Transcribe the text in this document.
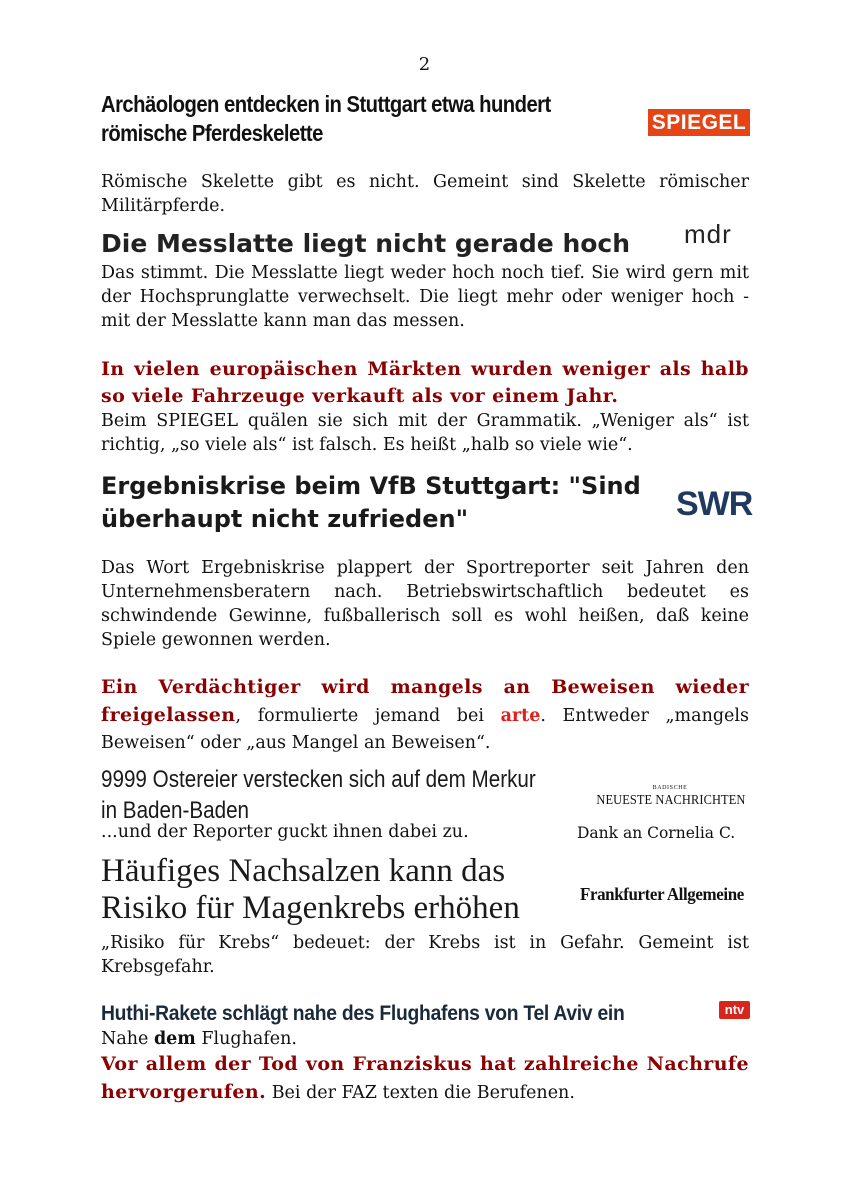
2
Archäologen entdecken in Stuttgart etwa hundert
römische Pferdeskelette	SPIEGEL
Römische Skelette gibt es nicht. Gemeint sind Skelette römischer Militärpferde.
Die Messlatte liegt nicht gerade hoch mdr
Das stimmt. Die Messlatte liegt weder hoch noch tief. Sie wird gern mit der Hochsprunglatte verwechselt. Die liegt mehr oder weniger hoch - mit der Messlatte kann man das messen.
In vielen europäischen Märkten wurden weniger als halb so viele Fahrzeuge verkauft als vor einem Jahr.
Beim SPIEGEL quälen sie sich mit der Grammatik. „Weniger als“ ist richtig, „so viele als“ ist falsch. Es heißt „halb so viele wie“.
Ergebniskrise beim VfB Stuttgart: "Sind
überhaupt nicht zufrieden"	SWR
Das Wort Ergebniskrise plappert der Sportreporter seit Jahren den Unternehmensberatern nach. Betriebswirtschaftlich bedeutet es schwindende Gewinne, fußballerisch soll es wohl heißen, daß keine Spiele gewonnen werden.
Ein Verdächtiger wird mangels an Beweisen wieder freigelassen, formulierte jemand bei arte. Entweder „mangels Beweisen“ oder „aus Mangel an Beweisen“.
9999 Ostereier verstecken sich auf dem Merkur
in Baden-Baden
BADISCHE
NEUESTE NACHRICHTEN
...und der Reporter guckt ihnen dabei zu.	Dank an Cornelia C.
Häufiges Nachsalzen kann das
Risiko für Magenkrebs erhöhen	Frankfurter Allgemeine
„Risiko für Krebs“ bedeuet: der Krebs ist in Gefahr. Gemeint ist Krebsgefahr.
Huthi-Rakete schlägt nahe des Flughafens von Tel Aviv ein	ntv
Nahe dem Flughafen.
Vor allem der Tod von Franziskus hat zahlreiche Nachrufe hervorgerufen. Bei der FAZ texten die Berufenen.
